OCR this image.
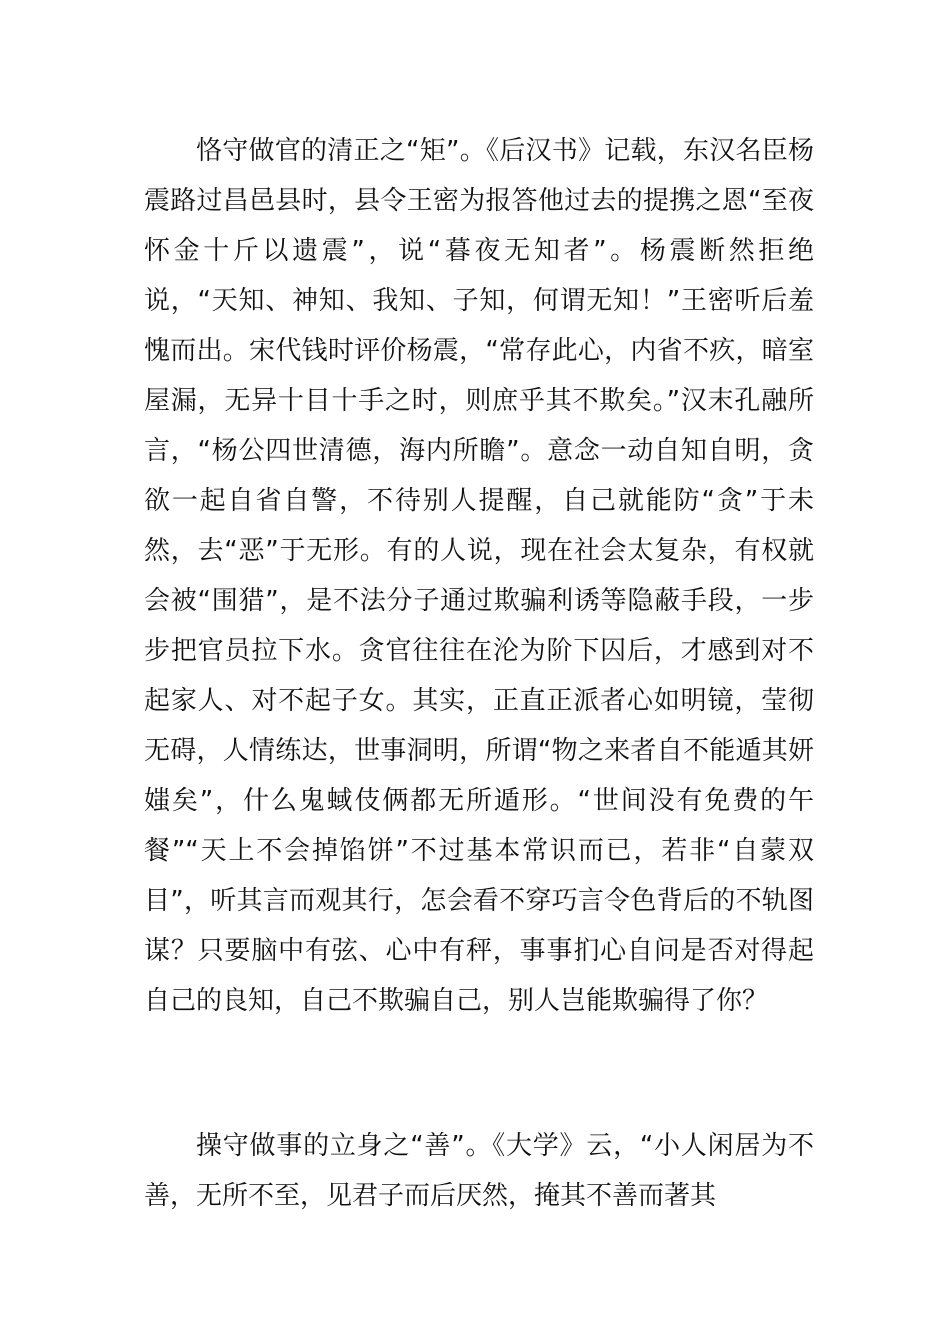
恪守做官的清正之“矩”。《后汉书》记载，东汉名臣杨震路过昌邑县时，县令王密为报答他过去的提携之恩“至夜怀金十斤以遗震”，说“暮夜无知者”。杨震断然拒绝说，“天知、神知、我知、子知，何谓无知！”王密听后羞愧而出。宋代钱时评价杨震，“常存此心，内省不疚，暗室屋漏，无异十目十手之时，则庶乎其不欺矣。”汉末孔融所言，“杨公四世清德，海内所瞻”。意念一动自知自明，贪欲一起自省自警，不待别人提醒，自己就能防“贪”于未然，去“恶”于无形。有的人说，现在社会太复杂，有权就会被“围猎”，是不法分子通过欺骗利诱等隐蔽手段，一步步把官员拉下水。贪官往往在沦为阶下囚后，才感到对不起家人、对不起子女。其实，正直正派者心如明镜，莹彻无碍，人情练达，世事洞明，所谓“物之来者自不能遁其妍媸矣”，什么鬼蜮伎俩都无所遁形。“世间没有免费的午餐”“天上不会掉馅饼”不过基本常识而已，若非“自蒙双目”，听其言而观其行，怎会看不穿巧言令色背后的不轨图谋？只要脑中有弦、心中有秤，事事扪心自问是否对得起自己的良知，自己不欺骗自己，别人岂能欺骗得了你？

操守做事的立身之“善”。《大学》云，“小人闲居为不善，无所不至，见君子而后厌然，掩其不善而著其
